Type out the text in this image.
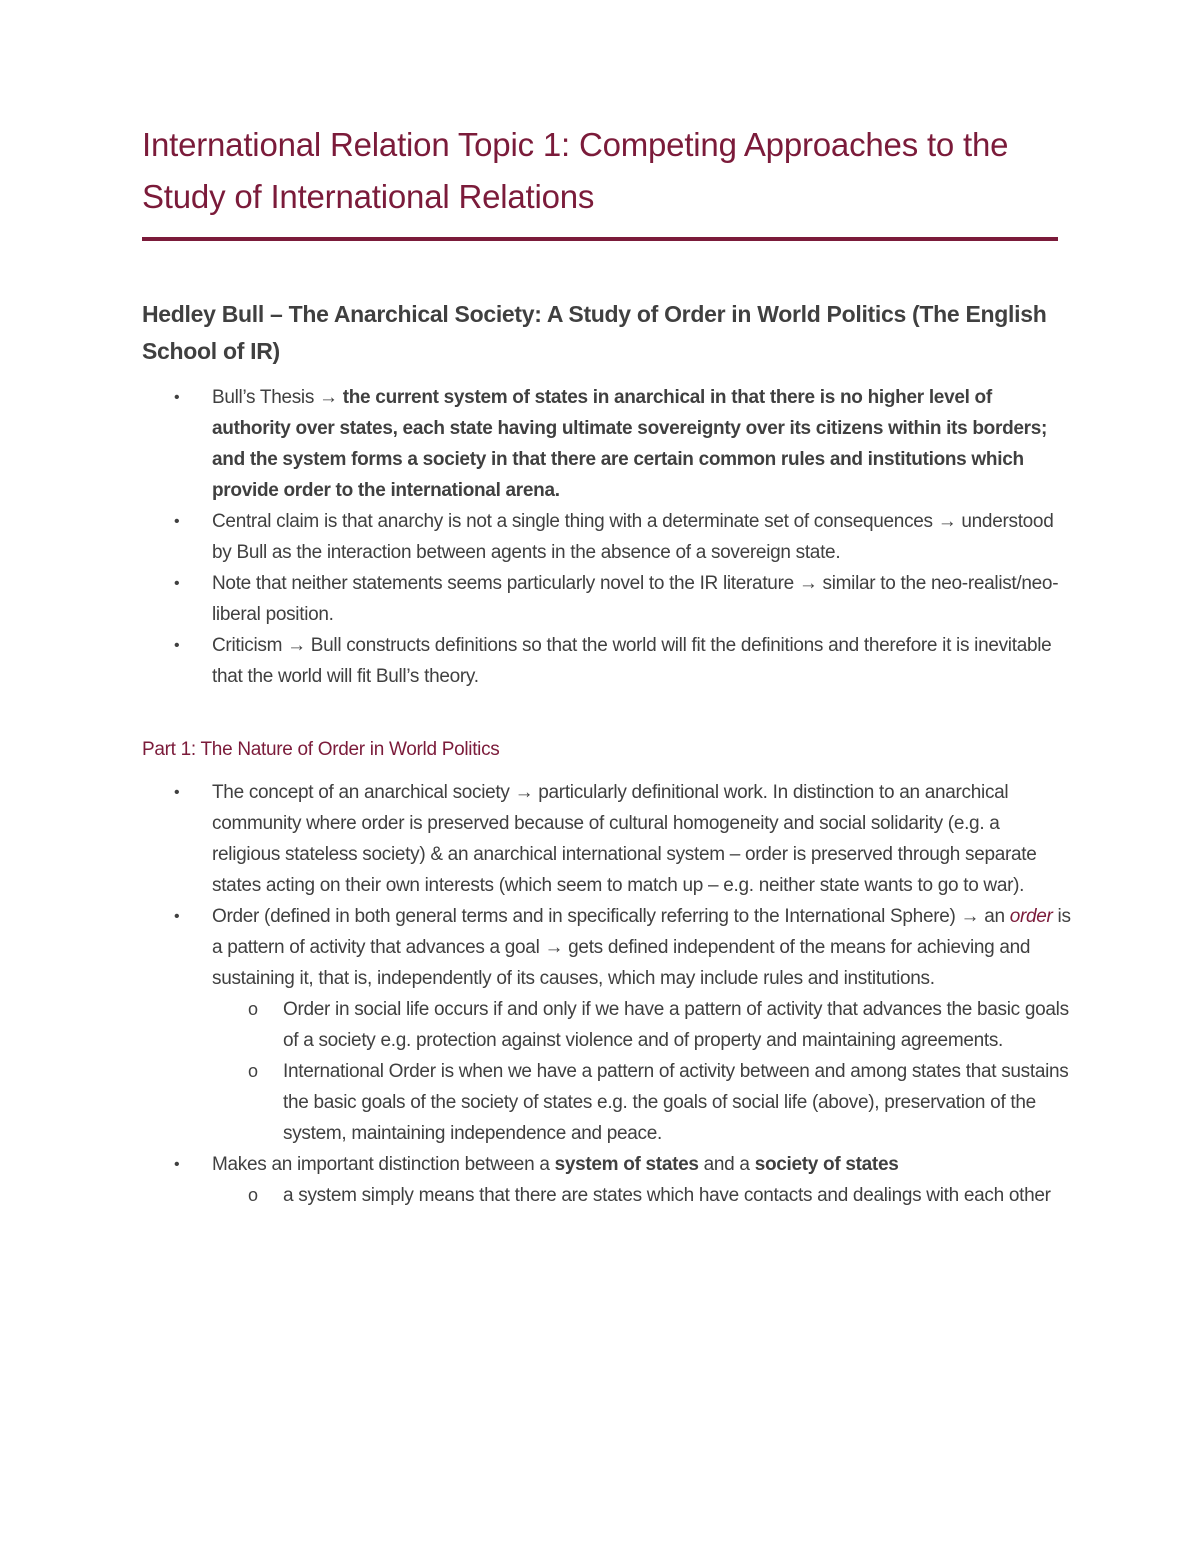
International Relation Topic 1: Competing Approaches to the Study of International Relations
Hedley Bull – The Anarchical Society: A Study of Order in World Politics (The English School of IR)
• Bull’s Thesis → the current system of states in anarchical in that there is no higher level of authority over states, each state having ultimate sovereignty over its citizens within its borders; and the system forms a society in that there are certain common rules and institutions which provide order to the international arena.
• Central claim is that anarchy is not a single thing with a determinate set of consequences → understood by Bull as the interaction between agents in the absence of a sovereign state.
• Note that neither statements seems particularly novel to the IR literature → similar to the neo-realist/neo-liberal position.
• Criticism → Bull constructs definitions so that the world will fit the definitions and therefore it is inevitable that the world will fit Bull’s theory.
Part 1: The Nature of Order in World Politics
• The concept of an anarchical society → particularly definitional work. In distinction to an anarchical community where order is preserved because of cultural homogeneity and social solidarity (e.g. a religious stateless society) & an anarchical international system – order is preserved through separate states acting on their own interests (which seem to match up – e.g. neither state wants to go to war).
• Order (defined in both general terms and in specifically referring to the International Sphere) → an order is a pattern of activity that advances a goal → gets defined independent of the means for achieving and sustaining it, that is, independently of its causes, which may include rules and institutions.
o Order in social life occurs if and only if we have a pattern of activity that advances the basic goals of a society e.g. protection against violence and of property and maintaining agreements.
o International Order is when we have a pattern of activity between and among states that sustains the basic goals of the society of states e.g. the goals of social life (above), preservation of the system, maintaining independence and peace.
• Makes an important distinction between a system of states and a society of states
o a system simply means that there are states which have contacts and dealings with each other
